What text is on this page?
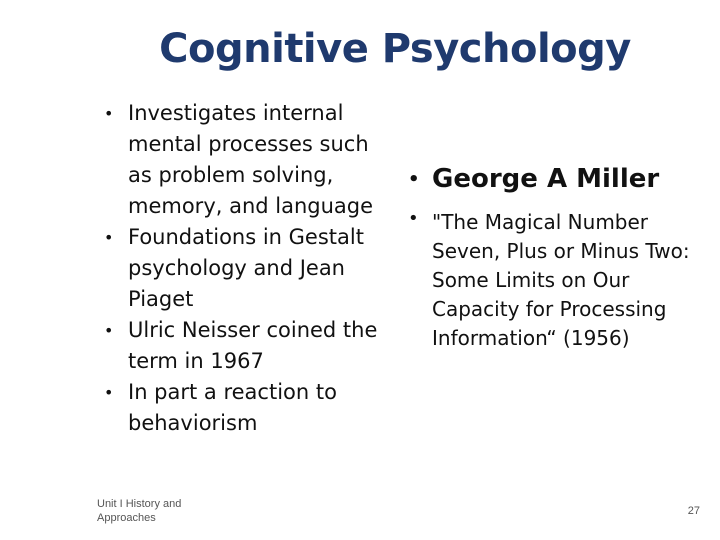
Cognitive Psychology
• Investigates internal mental processes such as problem solving, memory, and language
• Foundations in Gestalt psychology and Jean Piaget
• Ulric Neisser coined the term in 1967
• In part a reaction to behaviorism
• George A Miller
• "The Magical Number Seven, Plus or Minus Two: Some Limits on Our Capacity for Processing Information“ (1956)
Unit I History and Approaches
27
